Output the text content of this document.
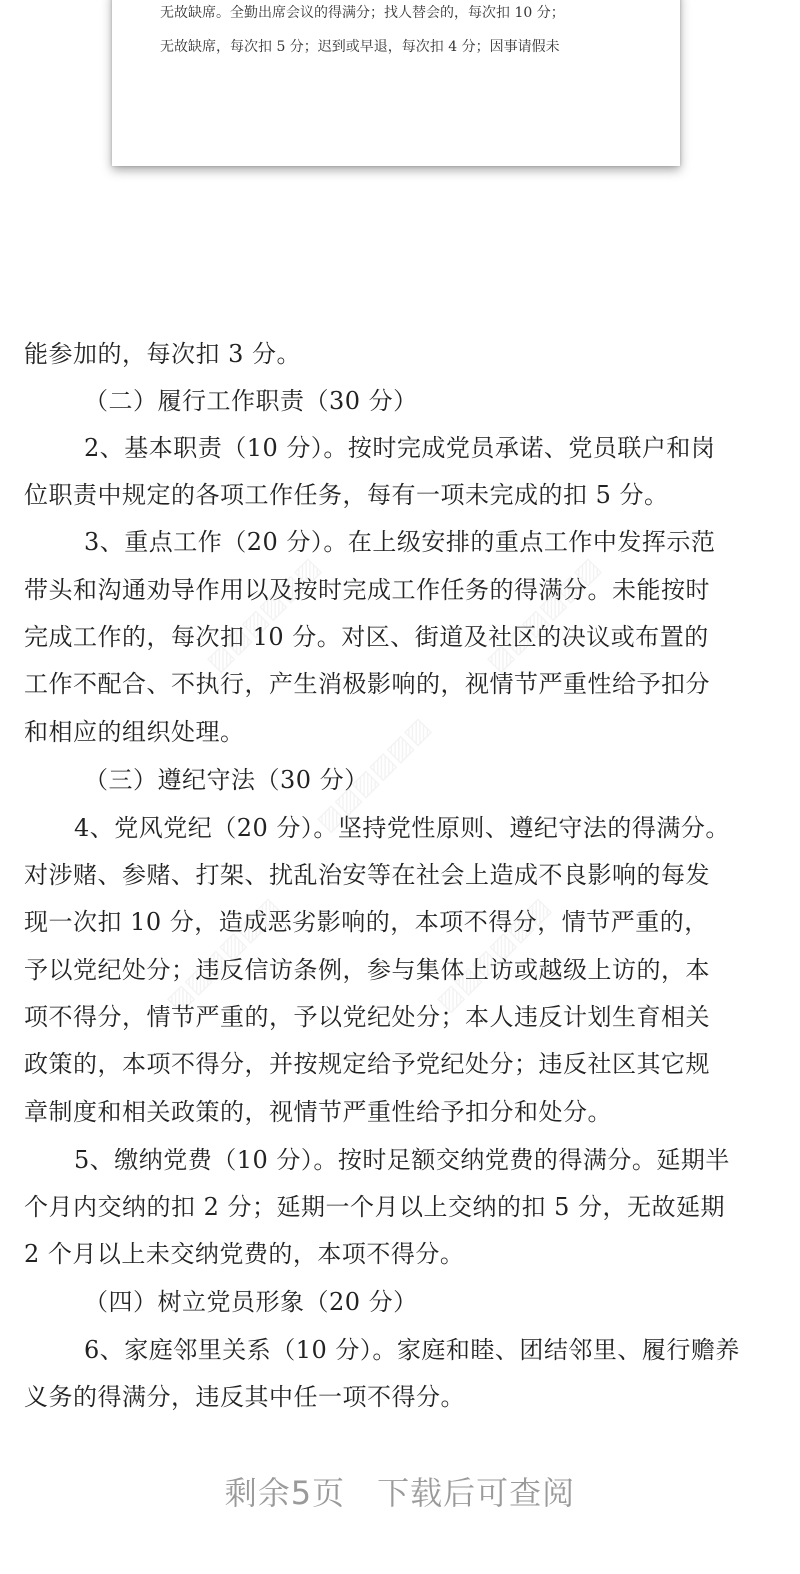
无故缺席。全勤出席会议的得满分；找人替会的，每次扣 10 分；
无故缺席，每次扣 5 分；迟到或早退，每次扣 4 分；因事请假未
能参加的，每次扣 3 分。
（二）履行工作职责（30 分）
2、基本职责（10 分）。按时完成党员承诺、党员联户和岗
位职责中规定的各项工作任务，每有一项未完成的扣 5 分。
3、重点工作（20 分）。在上级安排的重点工作中发挥示范
带头和沟通劝导作用以及按时完成工作任务的得满分。未能按时
完成工作的，每次扣 10 分。对区、街道及社区的决议或布置的
工作不配合、不执行，产生消极影响的，视情节严重性给予扣分
和相应的组织处理。
（三）遵纪守法（30 分）
4、党风党纪（20 分）。坚持党性原则、遵纪守法的得满分。
对涉赌、参赌、打架、扰乱治安等在社会上造成不良影响的每发
现一次扣 10 分，造成恶劣影响的，本项不得分，情节严重的，
予以党纪处分；违反信访条例，参与集体上访或越级上访的，本
项不得分，情节严重的，予以党纪处分；本人违反计划生育相关
政策的，本项不得分，并按规定给予党纪处分；违反社区其它规
章制度和相关政策的，视情节严重性给予扣分和处分。
5、缴纳党费（10 分）。按时足额交纳党费的得满分。延期半
个月内交纳的扣 2 分；延期一个月以上交纳的扣 5 分，无故延期
2 个月以上未交纳党费的，本项不得分。
（四）树立党员形象（20 分）
6、家庭邻里关系（10 分）。家庭和睦、团结邻里、履行赡养
义务的得满分，违反其中任一项不得分。
剩余5页 下载后可查阅
